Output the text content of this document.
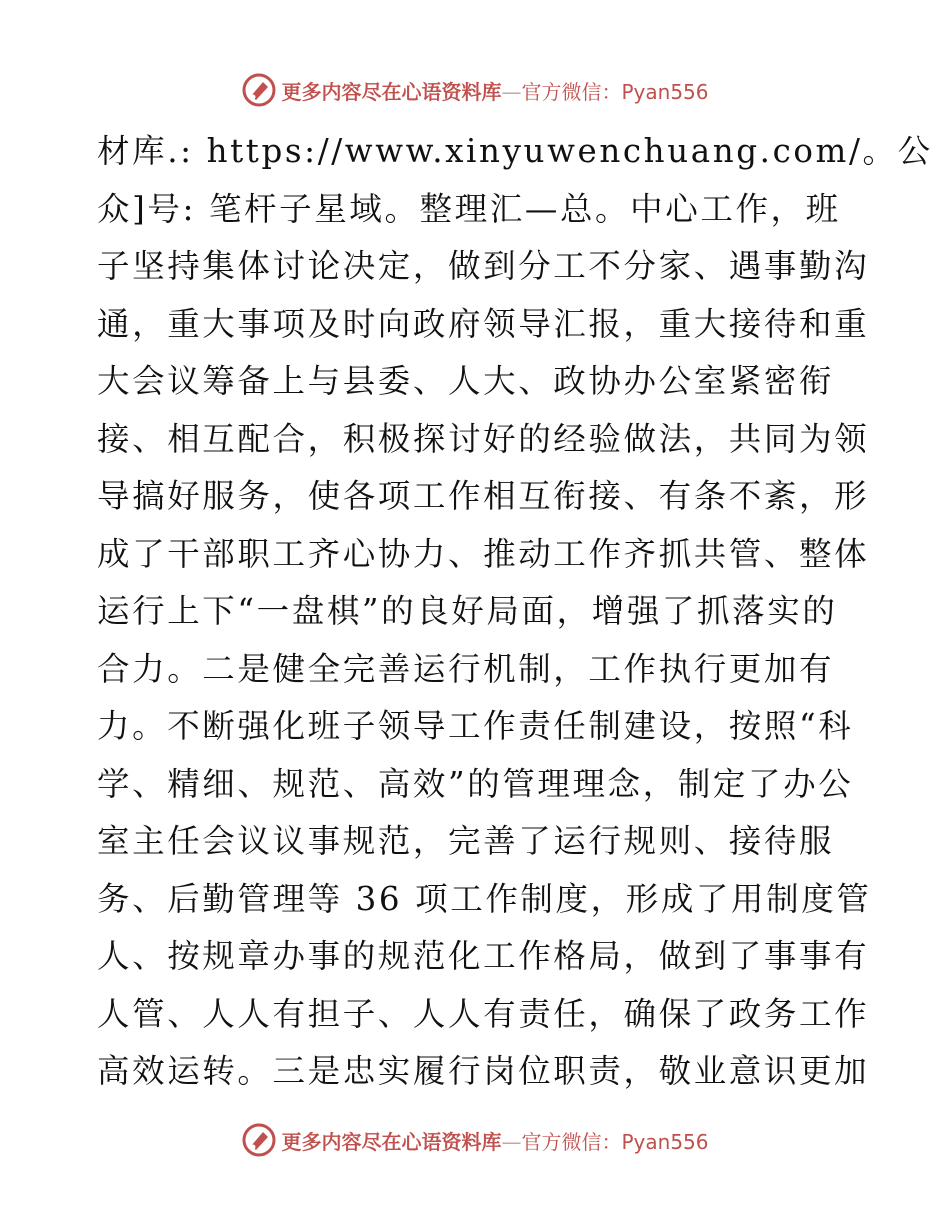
更多内容尽在心语资料库—官方微信：Pyan556
材库.: https://www.xinyuwenchuang.com/。公
众]号: 笔杆子星域。整理汇—总。中心工作，班
子坚持集体讨论决定，做到分工不分家、遇事勤沟
通，重大事项及时向政府领导汇报，重大接待和重
大会议筹备上与县委、人大、政协办公室紧密衔
接、相互配合，积极探讨好的经验做法，共同为领
导搞好服务，使各项工作相互衔接、有条不紊，形
成了干部职工齐心协力、推动工作齐抓共管、整体
运行上下“一盘棋”的良好局面，增强了抓落实的
合力。二是健全完善运行机制，工作执行更加有
力。不断强化班子领导工作责任制建设，按照“科
学、精细、规范、高效”的管理理念，制定了办公
室主任会议议事规范，完善了运行规则、接待服
务、后勤管理等 36 项工作制度，形成了用制度管
人、按规章办事的规范化工作格局，做到了事事有
人管、人人有担子、人人有责任，确保了政务工作
高效运转。三是忠实履行岗位职责，敬业意识更加
更多内容尽在心语资料库—官方微信：Pyan556
